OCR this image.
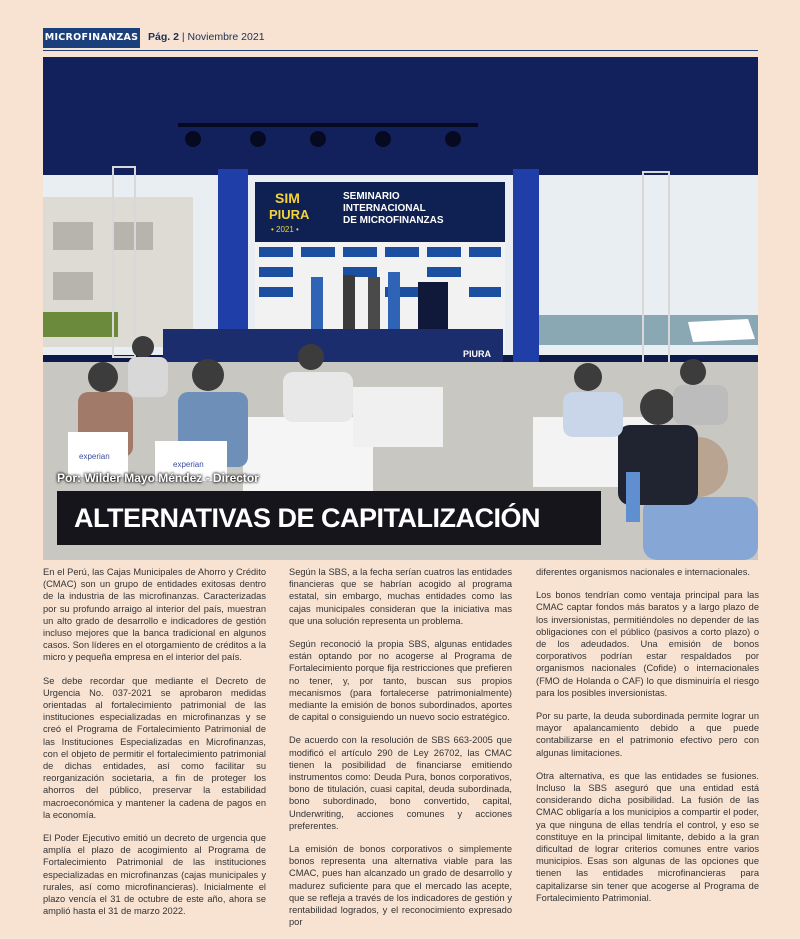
MICROFINANZAS Pág. 2 | Noviembre 2021
SIM
PIURA
• 2021 •
SEMINARIO
INTERNACIONAL
DE MICROFINANZAS
PIURA
experian
experian
Por: Wilder Mayo Méndez - Director
ALTERNATIVAS DE CAPITALIZACIÓN

En el Perú, las Cajas Municipales de Ahorro y Crédito (CMAC) son un grupo de entidades exitosas dentro de la industria de las microfinanzas. Caracterizadas por su profundo arraigo al interior del país, muestran un alto grado de desarrollo e indicadores de gestión incluso mejores que la banca tradicional en algunos casos. Son líderes en el otorgamiento de créditos a la micro y pequeña empresa en el interior del país.

Se debe recordar que mediante el Decreto de Urgencia No. 037-2021 se aprobaron medidas orientadas al fortalecimiento patrimonial de las instituciones especializadas en microfinanzas y se creó el Programa de Fortalecimiento Patrimonial de las Instituciones Especializadas en Microfinanzas, con el objeto de permitir el fortalecimiento patrimonial de dichas entidades, así como facilitar su reorganización societaria, a fin de proteger los ahorros del público, preservar la estabilidad macroeconómica y mantener la cadena de pagos en la economía.

El Poder Ejecutivo emitió un decreto de urgencia que amplía el plazo de acogimiento al Programa de Fortalecimiento Patrimonial de las instituciones especializadas en microfinanzas (cajas municipales y rurales, así como microfinancieras). Inicialmente el plazo vencía el 31 de octubre de este año, ahora se amplió hasta el 31 de marzo 2022.

Según la SBS, a la fecha serían cuatros las entidades financieras que se habrían acogido al programa estatal, sin embargo, muchas entidades como las cajas municipales consideran que la iniciativa mas que una solución representa un problema.

Según reconoció la propia SBS, algunas entidades están optando por no acogerse al Programa de Fortalecimiento porque fija restricciones que prefieren no tener, y, por tanto, buscan sus propios mecanismos (para fortalecerse patrimonialmente) mediante la emisión de bonos subordinados, aportes de capital o consiguiendo un nuevo socio estratégico.

De acuerdo con la resolución de SBS 663-2005 que modificó el artículo 290 de Ley 26702, las CMAC tienen la posibilidad de financiarse emitiendo instrumentos como: Deuda Pura, bonos corporativos, bono de titulación, cuasi capital, deuda subordinada, bono subordinado, bono convertido, capital, Underwriting, acciones comunes y acciones preferentes.

La emisión de bonos corporativos o simplemente bonos representa una alternativa viable para las CMAC, pues han alcanzado un grado de desarrollo y madurez suficiente para que el mercado las acepte, que se refleja a través de los indicadores de gestión y rentabilidad logrados, y el reconocimiento expresado por

diferentes organismos nacionales e internacionales.

Los bonos tendrían como ventaja principal para las CMAC captar fondos más baratos y a largo plazo de los inversionistas, permitiéndoles no depender de las obligaciones con el público (pasivos a corto plazo) o de los adeudados. Una emisión de bonos corporativos podrían estar respaldados por organismos nacionales (Cofide) o internacionales (FMO de Holanda o CAF) lo que disminuiría el riesgo para los posibles inversionistas.

Por su parte, la deuda subordinada permite lograr un mayor apalancamiento debido a que puede contabilizarse en el patrimonio efectivo pero con algunas limitaciones.

Otra alternativa, es que las entidades se fusiones. Incluso la SBS aseguró que una entidad está considerando dicha posibilidad. La fusión de las CMAC obligaría a los municipios a compartir el poder, ya que ninguna de ellas tendría el control, y eso se constituye en la principal limitante, debido a la gran dificultad de lograr criterios comunes entre varios municipios. Esas son algunas de las opciones que tienen las entidades microfinancieras para capitalizarse sin tener que acogerse al Programa de Fortalecimiento Patrimonial.
